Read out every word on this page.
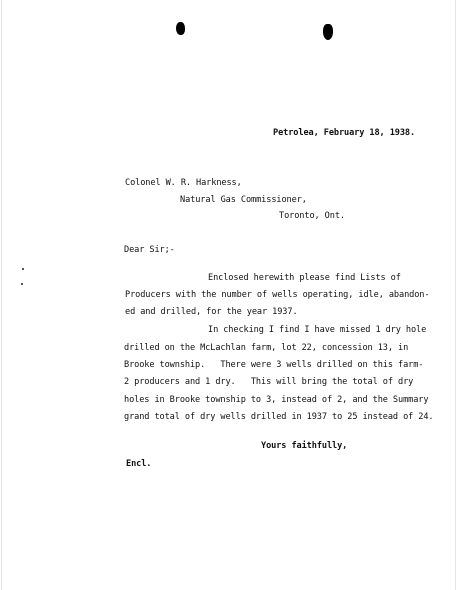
Petrolea, February 18, 1938.
Colonel W. R. Harkness,
Natural Gas Commissioner,
Toronto, Ont.
Dear Sir;-
Enclosed herewith please find Lists of
Producers with the number of wells operating, idle, abandon-
ed and drilled, for the year 1937.
In checking I find I have missed 1 dry hole
drilled on the McLachlan farm, lot 22, concession 13, in
Brooke township.   There were 3 wells drilled on this farm-
2 producers and 1 dry.   This will bring the total of dry
holes in Brooke township to 3, instead of 2, and the Summary
grand total of dry wells drilled in 1937 to 25 instead of 24.
Yours faithfully,
Encl.
